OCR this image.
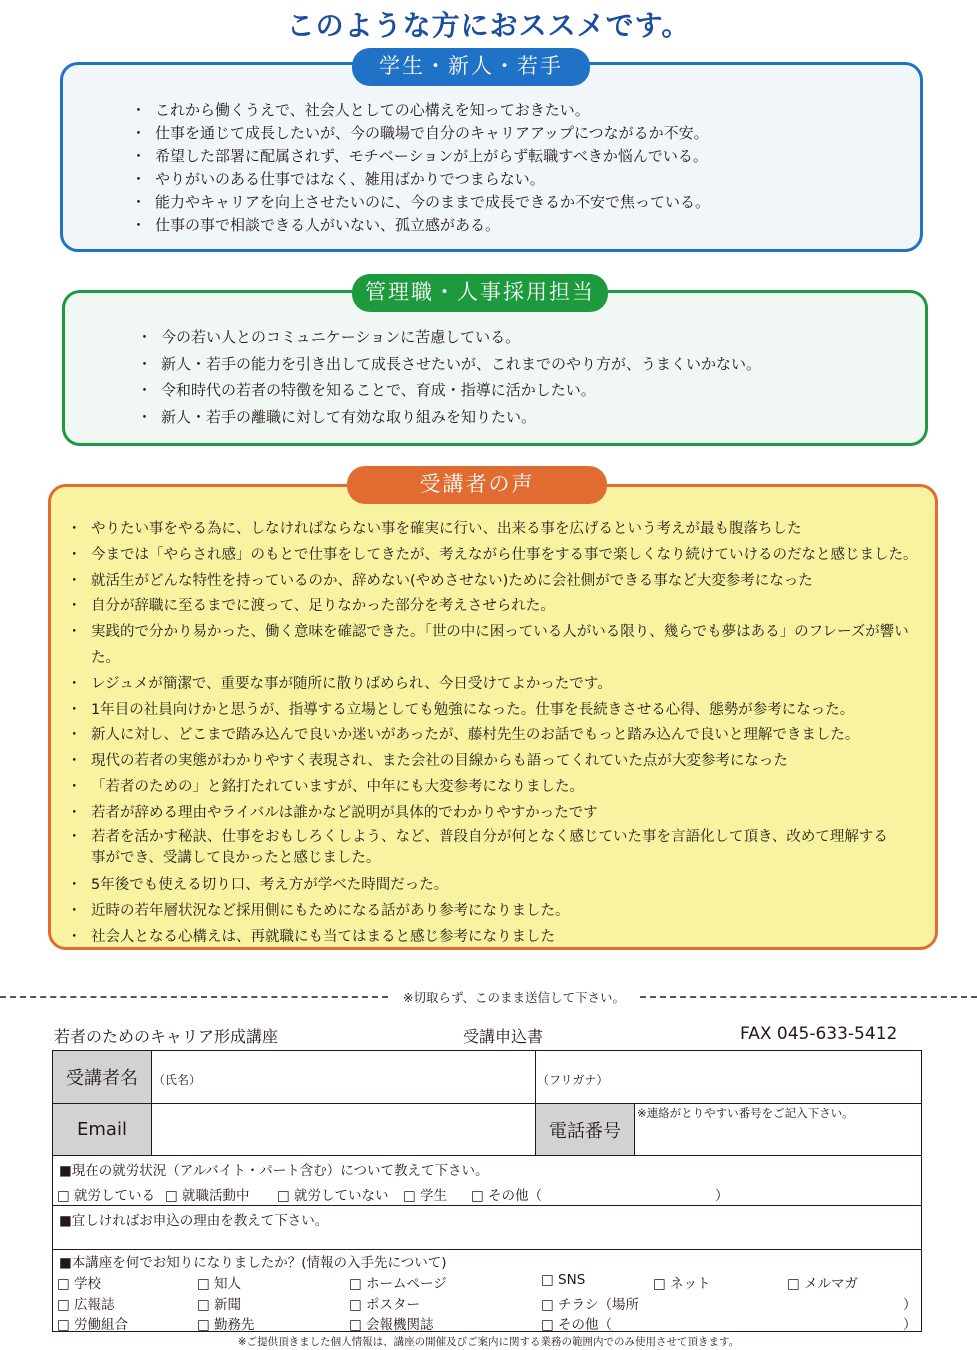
このような方におススメです。
・ これから働くうえで、社会人としての心構えを知っておきたい。
・ 仕事を通じて成長したいが、今の職場で自分のキャリアアップにつながるか不安。
・ 希望した部署に配属されず、モチベーションが上がらず転職すべきか悩んでいる。
・ やりがいのある仕事ではなく、雑用ばかりでつまらない。
・ 能力やキャリアを向上させたいのに、今のままで成長できるか不安で焦っている。
・ 仕事の事で相談できる人がいない、孤立感がある。
学生・新人・若手
・ 今の若い人とのコミュニケーションに苦慮している。
・ 新人・若手の能力を引き出して成長させたいが、これまでのやり方が、うまくいかない。
・ 令和時代の若者の特徴を知ることで、育成・指導に活かしたい。
・ 新人・若手の離職に対して有効な取り組みを知りたい。
管理職・人事採用担当
・ やりたい事をやる為に、しなければならない事を確実に行い、出来る事を広げるという考えが最も腹落ちした
・ 今までは「やらされ感」のもとで仕事をしてきたが、考えながら仕事をする事で楽しくなり続けていけるのだなと感じました。
・ 就活生がどんな特性を持っているのか、辞めない(やめさせない)ために会社側ができる事など大変参考になった
・ 自分が辞職に至るまでに渡って、足りなかった部分を考えさせられた。
・ 実践的で分かり易かった、働く意味を確認できた。「世の中に困っている人がいる限り、幾らでも夢はある」のフレーズが響いた。
・ レジュメが簡潔で、重要な事が随所に散りばめられ、今日受けてよかったです。
・ 1年目の社員向けかと思うが、指導する立場としても勉強になった。仕事を長続きさせる心得、態勢が参考になった。
・ 新人に対し、どこまで踏み込んで良いか迷いがあったが、藤村先生のお話でもっと踏み込んで良いと理解できました。
・ 現代の若者の実態がわかりやすく表現され、また会社の目線からも語ってくれていた点が大変参考になった
・ 「若者のための」と銘打たれていますが、中年にも大変参考になりました。
・ 若者が辞める理由やライバルは誰かなど説明が具体的でわかりやすかったです
・ 若者を活かす秘訣、仕事をおもしろくしよう、など、普段自分が何となく感じていた事を言語化して頂き、改めて理解する事ができ、受講して良かったと感じました。
・ 5年後でも使える切り口、考え方が学べた時間だった。
・ 近時の若年層状況など採用側にもためになる話があり参考になりました。
・ 社会人となる心構えは、再就職にも当てはまると感じ参考になりました
受講者の声
※切取らず、このまま送信して下さい。
若者のためのキャリア形成講座	受講申込書	FAX 045-633-5412
受講者名	（氏名）	（フリガナ）
Email	電話番号
※連絡がとりやすい番号をご記入下さい。
■現在の就労状況（アルバイト・パート含む）について教えて下さい。
□ 就労している □ 就職活動中 □ 就労していない □ 学生 □ その他（	）
■宜しければお申込の理由を教えて下さい。
■本講座を何でお知りになりましたか？(情報の入手先について)
□ 学校	□ 知人	□ ホームページ	□ SNS	□ ネット	□ メルマガ
□ 広報誌	□ 新聞	□ ポスター	□ チラシ（場所	）
□ 労働組合	□ 勤務先	□ 会報機関誌	□ その他（	）
※ご提供頂きました個人情報は、講座の開催及びご案内に関する業務の範囲内でのみ使用させて頂きます。
